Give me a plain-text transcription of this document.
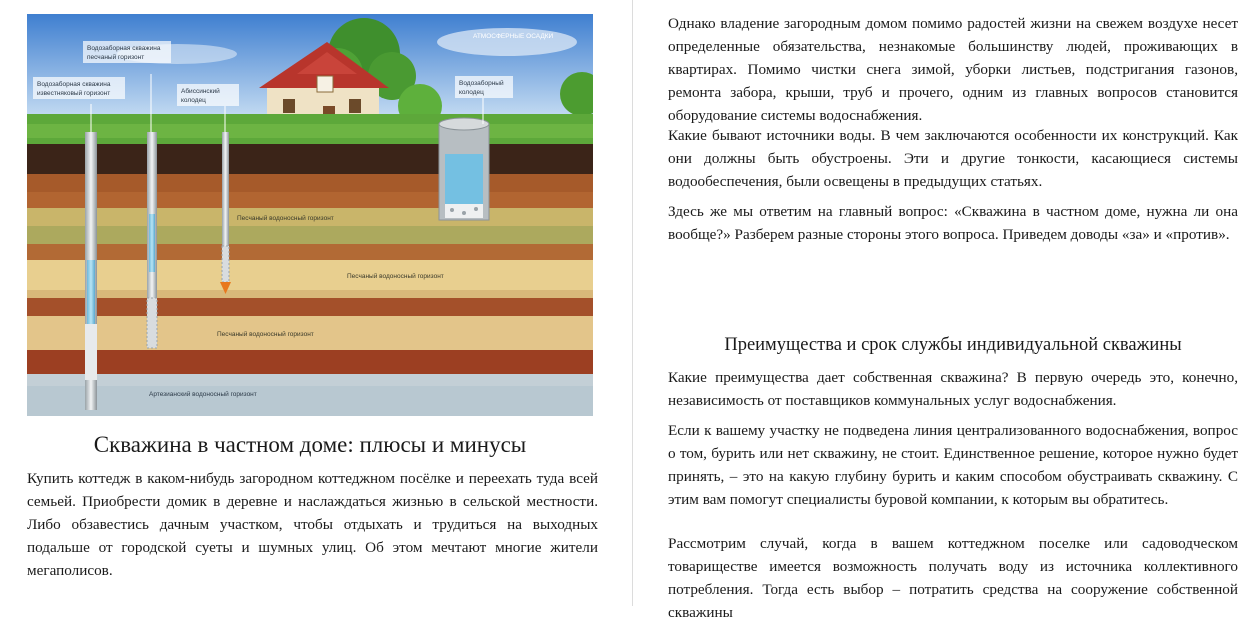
Водозаборная скважина
песчаный горизонт
Водозаборная скважина
известняковый горизонт	Абиссинский
колодец
АТМОСФЕРНЫЕ ОСАДКИ
Водозаборный
колодец
Песчаный водоносный горизонт
Песчаный водоносный горизонт
Песчаный водоносный горизонт
Артезианский водоносный горизонт
Скважина в частном доме: плюсы и минусы

Купить коттедж в каком-нибудь загородном коттеджном посёлке и переехать туда всей семьей. Приобрести домик в деревне и наслаждаться жизнью в сельской местности. Либо обзавестись дачным участком, чтобы отдыхать и трудиться на выходных подальше от городской суеты и шумных улиц. Об этом мечтают многие жители мегаполисов.

Однако владение загородным домом помимо радостей жизни на свежем воздухе несет определенные обязательства, незнакомые большинству людей, проживающих в квартирах. Помимо чистки снега зимой, уборки листьев, подстригания газонов, ремонта забора, крыши, труб и прочего, одним из главных вопросов становится оборудование системы водоснабжения.

Какие бывают источники воды. В чем заключаются особенности их конструкций. Как они должны быть обустроены. Эти и другие тонкости, касающиеся системы водообеспечения, были освещены в предыдущих статьях.

Здесь же мы ответим на главный вопрос: «Скважина в частном доме, нужна ли она вообще?» Разберем разные стороны этого вопроса. Приведем доводы «за» и «против».

Преимущества и срок службы индивидуальной скважины

Какие преимущества дает собственная скважина? В первую очередь это, конечно, независимость от поставщиков коммунальных услуг водоснабжения.

Если к вашему участку не подведена линия централизованного водоснабжения, вопрос о том, бурить или нет скважину, не стоит. Единственное решение, которое нужно будет принять, – это на какую глубину бурить и каким способом обустраивать скважину. С этим вам помогут специалисты буровой компании, к которым вы обратитесь.

Рассмотрим случай, когда в вашем коттеджном поселке или садоводческом товариществе имеется возможность получать воду из источника коллективного потребления. Тогда есть выбор – потратить средства на сооружение собственной скважины
